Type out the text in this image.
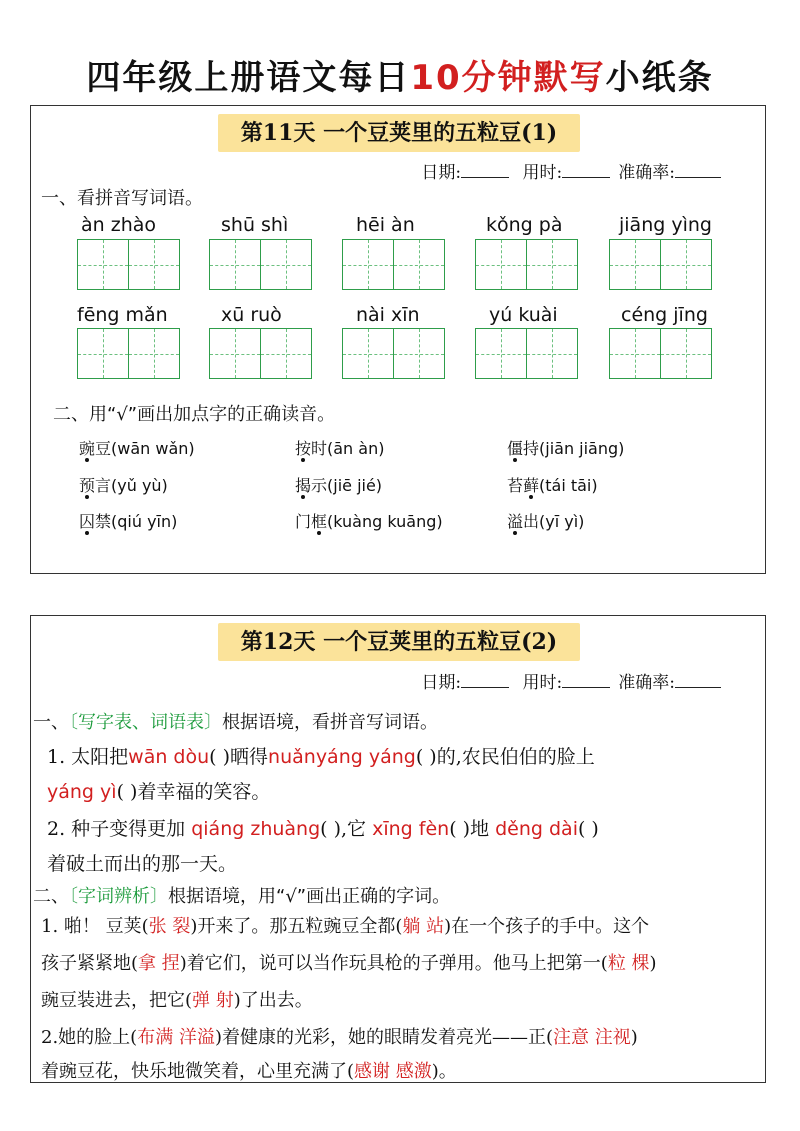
四年级上册语文每日10分钟默写小纸条
第11天 一个豆荚里的五粒豆(1)
日期:	用时:	准确率:
一、看拼音写词语。
àn zhào	shū shì	hēi àn	kǒng pà	jiāng yìng
fēng mǎn	xū ruò	nài xīn	yú kuài	céng jīng
二、用“√”画出加点字的正确读音。
豌豆(wān wǎn)	按时(ān àn)	僵持(jiān jiāng)
预言(yǔ yù)	揭示(jiē jié)	苔藓(tái tāi)
囚禁(qiú yīn)	门框(kuàng kuāng)	溢出(yī yì)
第12天 一个豆荚里的五粒豆(2)
日期:	用时:	准确率:
一、〔写字表、词语表〕根据语境，看拼音写词语。
1. 太阳把wān dòu( )晒得nuǎnyáng yáng( )的,农民伯伯的脸上
yáng yì( )着幸福的笑容。
2. 种子变得更加 qiáng zhuàng( ),它 xīng fèn( )地 děng dài( )
着破土而出的那一天。
二、〔字词辨析〕根据语境，用“√”画出正确的字词。
1. 啪！ 豆荚(张 裂)开来了。那五粒豌豆全都(躺 站)在一个孩子的手中。这个
孩子紧紧地(拿 捏)着它们，说可以当作玩具枪的子弹用。他马上把第一(粒 棵)
豌豆装进去，把它(弹 射)了出去。
2.她的脸上(布满 洋溢)着健康的光彩，她的眼睛发着亮光——正(注意 注视)
着豌豆花，快乐地微笑着，心里充满了(感谢 感激)。
